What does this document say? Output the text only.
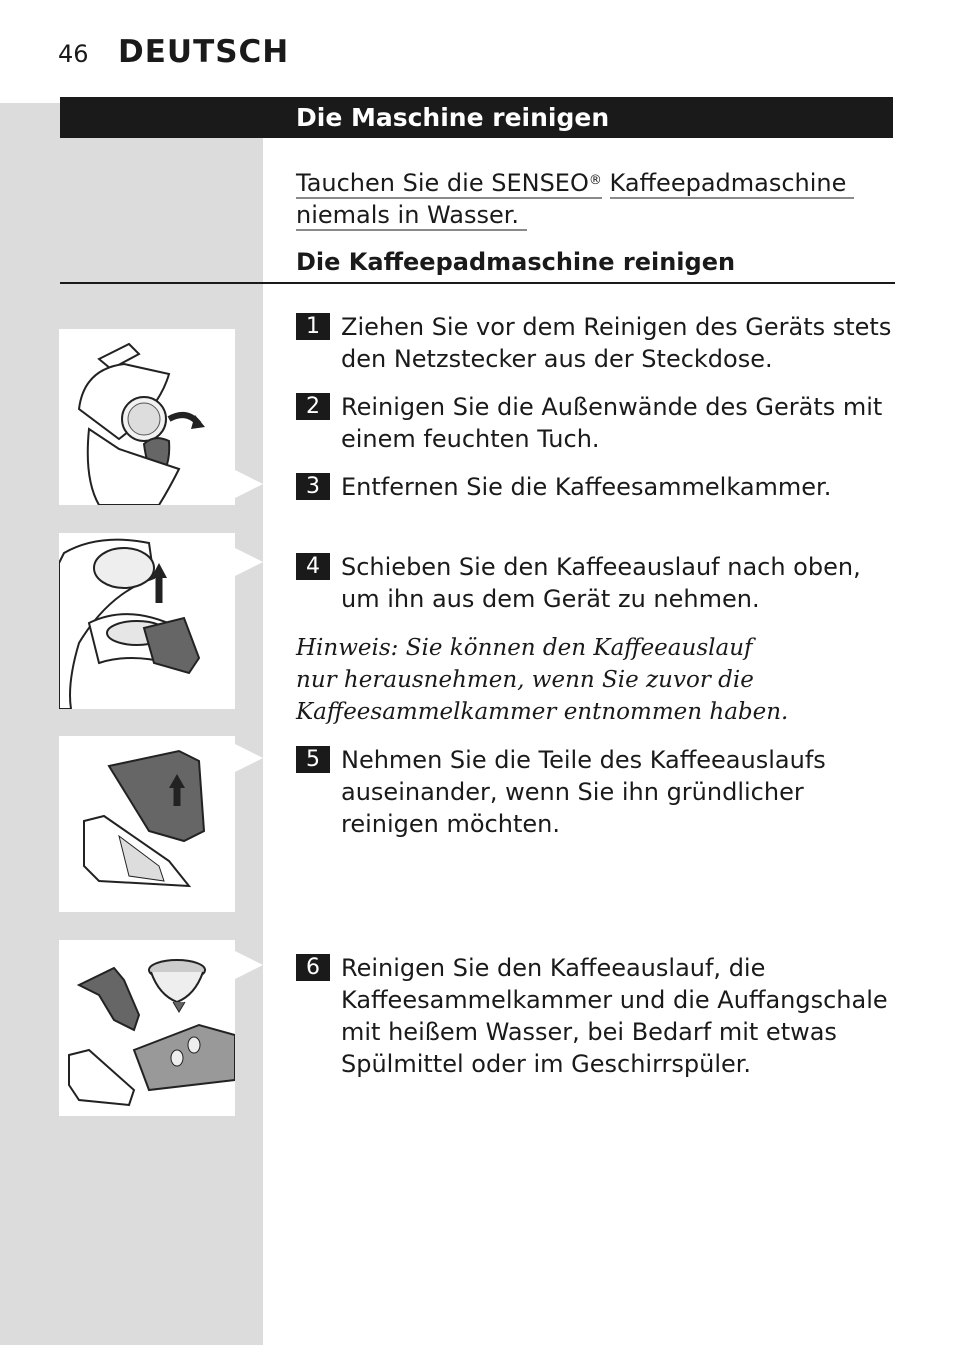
46 DEUTSCH
Die Maschine reinigen
Tauchen Sie die SENSEO® Kaffeepadmaschine
niemals in Wasser.
Die Kaffeepadmaschine reinigen
1 Ziehen Sie vor dem Reinigen des Geräts stets den Netzstecker aus der Steckdose.
2 Reinigen Sie die Außenwände des Geräts mit einem feuchten Tuch.
3 Entfernen Sie die Kaffeesammelkammer.
4 Schieben Sie den Kaffeeauslauf nach oben, um ihn aus dem Gerät zu nehmen.
Hinweis: Sie können den Kaffeeauslauf
nur herausnehmen, wenn Sie zuvor die
Kaffeesammelkammer entnommen haben.
5 Nehmen Sie die Teile des Kaffeeauslaufs auseinander, wenn Sie ihn gründlicher reinigen möchten.
6 Reinigen Sie den Kaffeeauslauf, die Kaffeesammelkammer und die Auffangschale mit heißem Wasser, bei Bedarf mit etwas Spülmittel oder im Geschirrspüler.
